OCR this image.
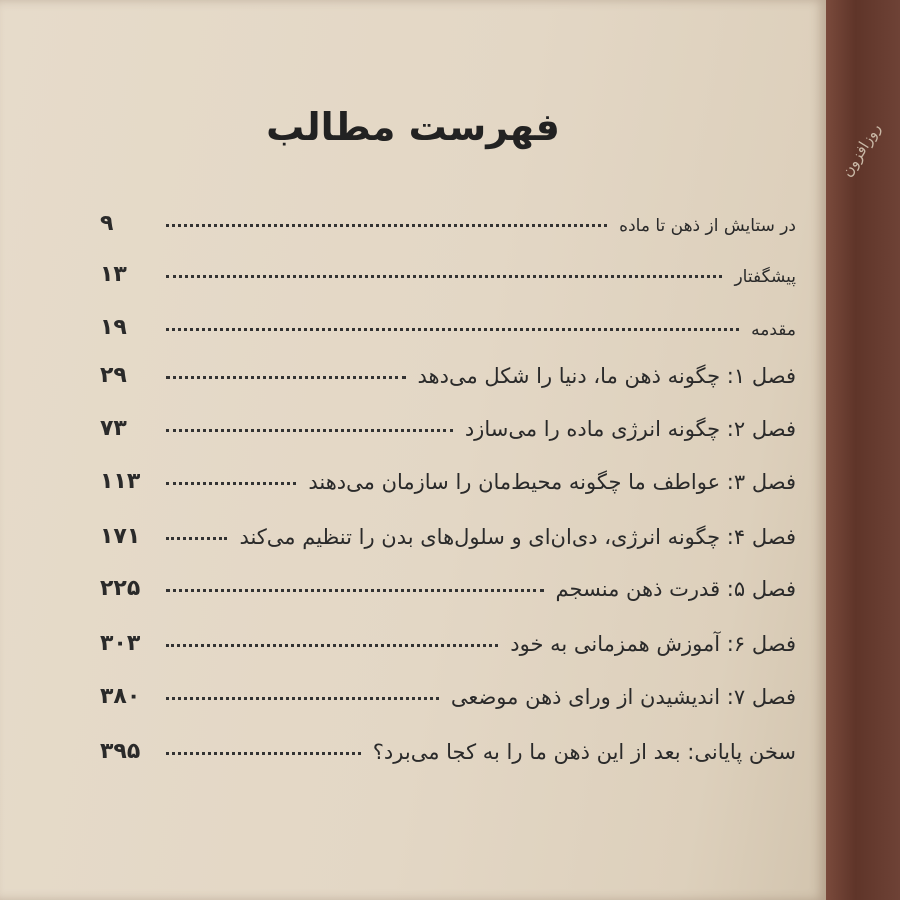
روزافزون
فهرست مطالب
در ستایش از ذهن تا ماده
۹
پیشگفتار
۱۳
مقدمه
۱۹
فصل ۱: چگونه ذهن ما، دنیا را شکل می‌دهد
۲۹
فصل ۲: چگونه انرژی ماده را می‌سازد
۷۳
فصل ۳: عواطف ما چگونه محیط‌مان را سازمان می‌دهند
۱۱۳
فصل ۴: چگونه انرژی، دی‌ان‌ای و سلول‌های بدن را تنظیم می‌کند
۱۷۱
فصل ۵: قدرت ذهن منسجم
۲۲۵
فصل ۶: آموزش همزمانی به خود
۳۰۳
فصل ۷: اندیشیدن از ورای ذهن موضعی
۳۸۰
سخن پایانی: بعد از این ذهن ما را به کجا می‌برد؟
۳۹۵
